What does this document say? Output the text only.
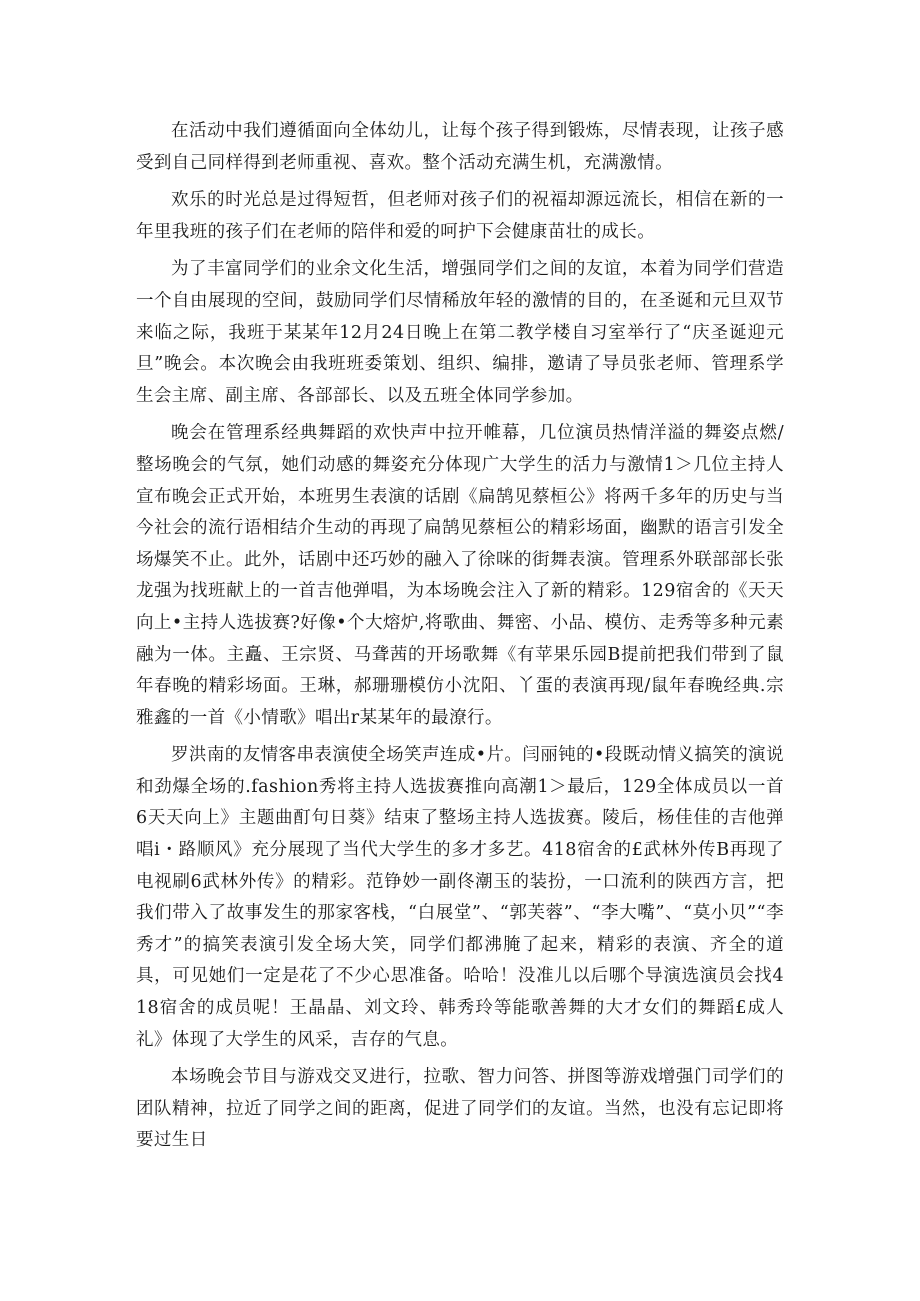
在活动中我们遵循面向全体幼儿，让每个孩子得到锻炼，尽情表现，让孩子感受到自己同样得到老师重视、喜欢。整个活动充满生机，充满激情。

欢乐的时光总是过得短哲，但老师对孩子们的祝福却源远流长，相信在新的一年里我班的孩子们在老师的陪伴和爱的呵护下会健康苗壮的成长。

为了丰富同学们的业余文化生活，增强同学们之间的友谊，本着为同学们营造一个自由展现的空间，鼓励同学们尽情稀放年轻的激情的目的，在圣诞和元旦双节来临之际，我班于某某年12月24日晚上在第二教学楼自习室举行了“庆圣诞迎元旦”晚会。本次晚会由我班班委策划、组织、编排，邀请了导员张老师、管理系学生会主席、副主席、各部部长、以及五班全体同学参加。

晚会在管理系经典舞蹈的欢快声中拉开帷幕，几位演员热情洋溢的舞姿点燃/整场晚会的气氛，她们动感的舞姿充分体现广大学生的活力与激情1＞几位主持人宣布晚会正式开始，本班男生表演的话剧《扁鹄见蔡桓公》将两千多年的历史与当今社会的流行语相结介生动的再现了扁鹄见蔡桓公的精彩场面，幽默的语言引发全场爆笑不止。此外，话剧中还巧妙的融入了徐咪的街舞表演。管理系外联部部长张龙强为找班献上的一首吉他弹唱，为本场晚会注入了新的精彩。129宿舍的《天天向上•主持人选拔赛?好像•个大熔炉,将歌曲、舞密、小品、模仿、走秀等多种元素融为一体。主矗、王宗贤、马聋茜的开场歌舞《有苹果乐园B提前把我们带到了鼠年春晚的精彩场面。王琳，郝珊珊模仿小沈阳、丫蛋的表演再现/鼠年春晚经典.宗雅鑫的一首《小情歌》唱出r某某年的最潦行。

罗洪南的友情客串表演使全场笑声连成•片。闫丽钝的•段既动情义搞笑的演说和劲爆全场的.fashion秀将主持人选拔赛推向高潮1＞最后，129全体成员以一首6天天向上》主题曲酊句日葵》结束了整场主持人选拔赛。陵后，杨佳佳的吉他弹唱i・路顺风》充分展现了当代大学生的多才多艺。418宿舍的£武林外传B再现了电视刷6武林外传》的精彩。范铮妙一副佟潮玉的装扮，一口流利的陕西方言，把我们带入了故事发生的那家客栈，“白展堂”、“郭芙蓉”、“李大嘴”、“莫小贝”“李秀才”的搞笑表演引发全场大笑，同学们都沸腌了起来，精彩的表演、齐全的道具，可见她们一定是花了不少心思准备。哈哈！没准儿以后哪个导演选演员会找418宿舍的成员呢！王晶晶、刘文玲、韩秀玲等能歌善舞的大才女们的舞蹈£成人礼》体现了大学生的风采，吉存的气息。

本场晚会节目与游戏交叉进行，拉歌、智力问答、拼图等游戏增强门司学们的团队精神，拉近了同学之间的距离，促进了同学们的友谊。当然，也没有忘记即将要过生日
